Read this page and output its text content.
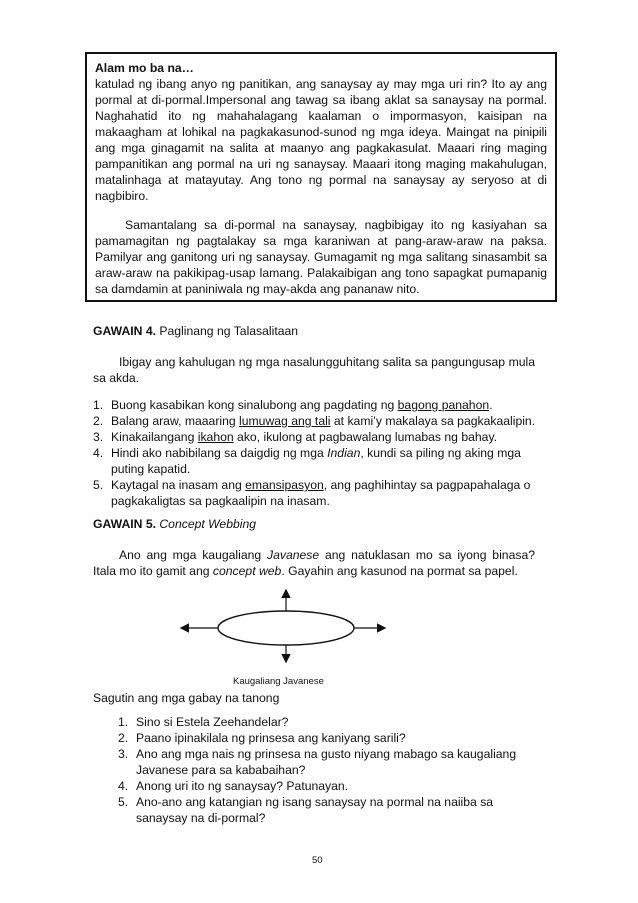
Alam mo ba na…

katulad ng ibang anyo ng panitikan, ang sanaysay ay may mga uri rin? Ito ay ang pormal at di-pormal.Impersonal ang tawag sa ibang aklat sa sanaysay na pormal. Naghahatid ito ng mahahalagang kaalaman o impormasyon, kaisipan na makaagham at lohikal na pagkakasunod-sunod ng mga ideya. Maingat na pinipili ang mga ginagamit na salita at maanyo ang pagkakasulat. Maaari ring maging pampanitikan ang pormal na uri ng sanaysay. Maaari itong maging makahulugan, matalinhaga at matayutay. Ang tono ng pormal na sanaysay ay seryoso at di nagbibiro.

Samantalang sa di-pormal na sanaysay, nagbibigay ito ng kasiyahan sa pamamagitan ng pagtalakay sa mga karaniwan at pang-araw-araw na paksa. Pamilyar ang ganitong uri ng sanaysay. Gumagamit ng mga salitang sinasambit sa araw-araw na pakikipag-usap lamang. Palakaibigan ang tono sapagkat pumapanig sa damdamin at paniniwala ng may-akda ang pananaw nito.

GAWAIN 4. Paglinang ng Talasalitaan

Ibigay ang kahulugan ng mga nasalungguhitang salita sa pangungusap mula sa akda.

1. Buong kasabikan kong sinalubong ang pagdating ng bagong panahon.
2. Balang araw, maaaring lumuwag ang tali at kami’y makalaya sa pagkakaalipin.
3. Kinakailangang ikahon ako, ikulong at pagbawalang lumabas ng bahay.
4. Hindi ako nabibilang sa daigdig ng mga Indian, kundi sa piling ng aking mga puting kapatid.
5. Kaytagal na inasam ang emansipasyon, ang paghihintay sa pagpapahalaga o pagkakaligtas sa pagkaalipin na inasam.

GAWAIN 5. Concept Webbing

Ano ang mga kaugaliang Javanese ang natuklasan mo sa iyong binasa? Itala mo ito gamit ang concept web. Gayahin ang kasunod na pormat sa papel.

Kaugaliang Javanese

Sagutin ang mga gabay na tanong

1. Sino si Estela Zeehandelar?
2. Paano ipinakilala ng prinsesa ang kaniyang sarili?
3. Ano ang mga nais ng prinsesa na gusto niyang mabago sa kaugaliang Javanese para sa kababaihan?
4. Anong uri ito ng sanaysay? Patunayan.
5. Ano-ano ang katangian ng isang sanaysay na pormal na naiiba sa sanaysay na di-pormal?
50
